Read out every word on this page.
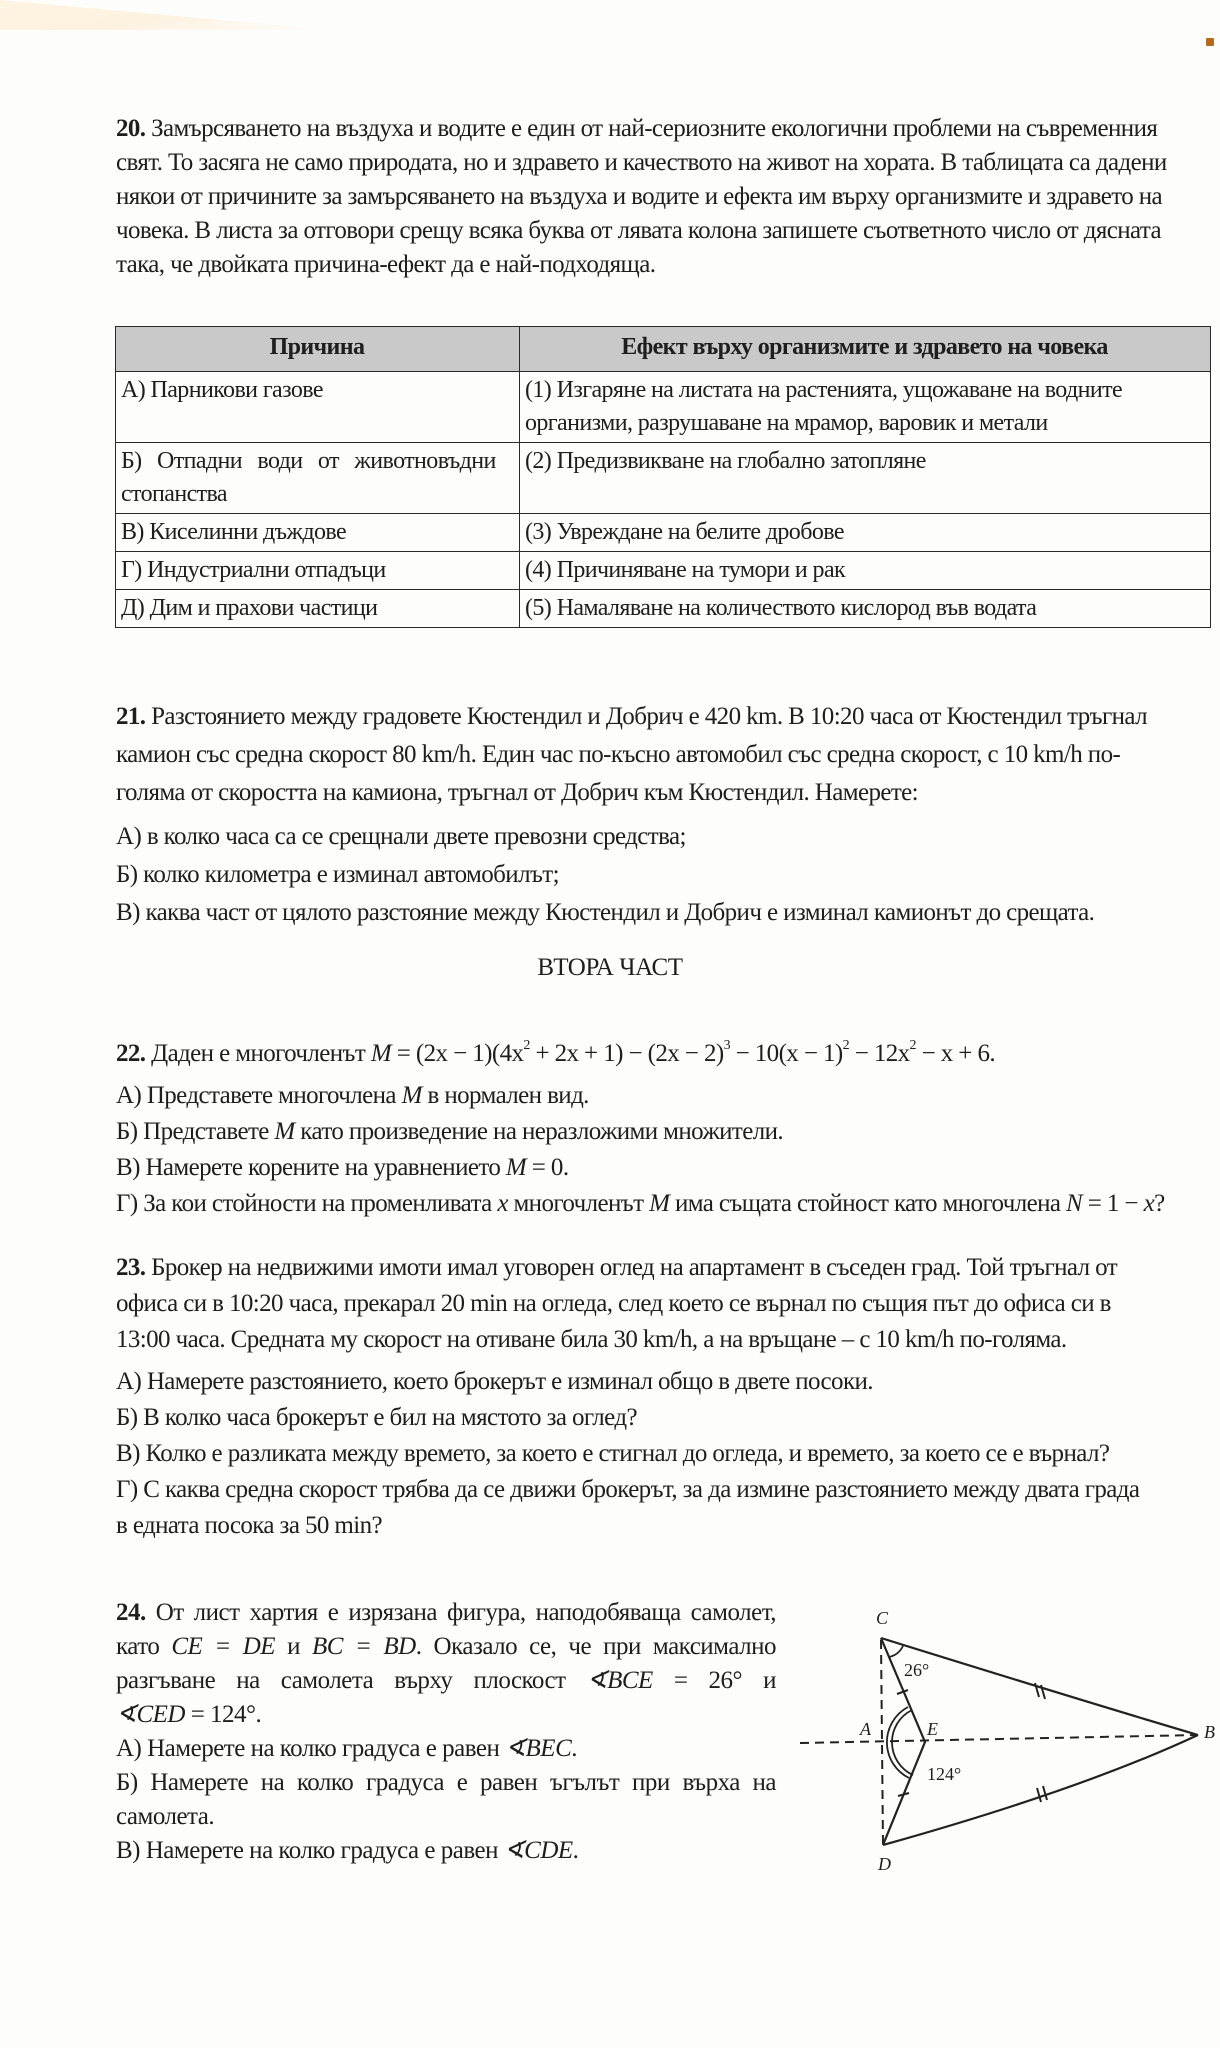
20. Замърсяването на въздуха и водите е един от най-сериозните екологични проблеми на съвременния
свят. То засяга не само природата, но и здравето и качеството на живот на хората. В таблицата са дадени
някои от причините за замърсяването на въздуха и водите и ефекта им върху организмите и здравето на
човека. В листа за отговори срещу всяка буква от лявата колона запишете съответното число от дясната
така, че двойката причина-ефект да е най-подходяща.
Причина	Ефект върху организмите и здравето на човека
А) Парникови газове	(1) Изгаряне на листата на растенията, ущожаване на водните
организми, разрушаване на мрамор, варовик и метали
Б) Отпадни води от животновъдни
стопанства	(2) Предизвикване на глобално затопляне
В) Киселинни дъждове	(3) Увреждане на белите дробове
Г) Индустриални отпадъци	(4) Причиняване на тумори и рак
Д) Дим и прахови частици	(5) Намаляване на количеството кислород във водата
21. Разстоянието между градовете Кюстендил и Добрич е 420 km. В 10:20 часа от Кюстендил тръгнал
камион със средна скорост 80 km/h. Един час по-късно автомобил със средна скорост, с 10 km/h по-
голяма от скоростта на камиона, тръгнал от Добрич към Кюстендил. Намерете:
А) в колко часа са се срещнали двете превозни средства;
Б) колко километра е изминал автомобилът;
В) каква част от цялото разстояние между Кюстендил и Добрич е изминал камионът до срещата.
ВТОРА ЧАСТ
22. Даден е многочленът $M = (2x - 1)(4x^2 + 2x + 1) - (2x - 2)^3 - 10(x - 1)^2 - 12x^2 - x + 6$.
А) Представете многочлена M в нормален вид.
Б) Представете M като произведение на неразложими множители.
В) Намерете корените на уравнението M = 0.
Г) За кои стойности на променливата x многочленът M има същата стойност като многочлена N = 1 − x?
23. Брокер на недвижими имоти имал уговорен оглед на апартамент в съседен град. Той тръгнал от
офиса си в 10:20 часа, прекарал 20 min на огледа, след което се върнал по същия път до офиса си в
13:00 часа. Средната му скорост на отиване била 30 km/h, а на връщане – с 10 km/h по-голяма.
А) Намерете разстоянието, което брокерът е изминал общо в двете посоки.
Б) В колко часа брокерът е бил на мястото за оглед?
В) Колко е разликата между времето, за което е стигнал до огледа, и времето, за което се е върнал?
Г) С каква средна скорост трябва да се движи брокерът, за да измине разстоянието между двата града
в едната посока за 50 min?
24. От лист хартия е изрязана фигура, наподобяваща самолет,
като CE = DE и BC = BD. Оказало се, че при максимално
разгъване на самолета върху плоскост ∢BCE = 26° и
∢CED = 124°.
А) Намерете на колко градуса е равен ∢BEC.
Б) Намерете на колко градуса е равен ъгълът при върха на
самолета.
В) Намерете на колко градуса е равен ∢CDE.
C
A	E
D
B
26°
124°
